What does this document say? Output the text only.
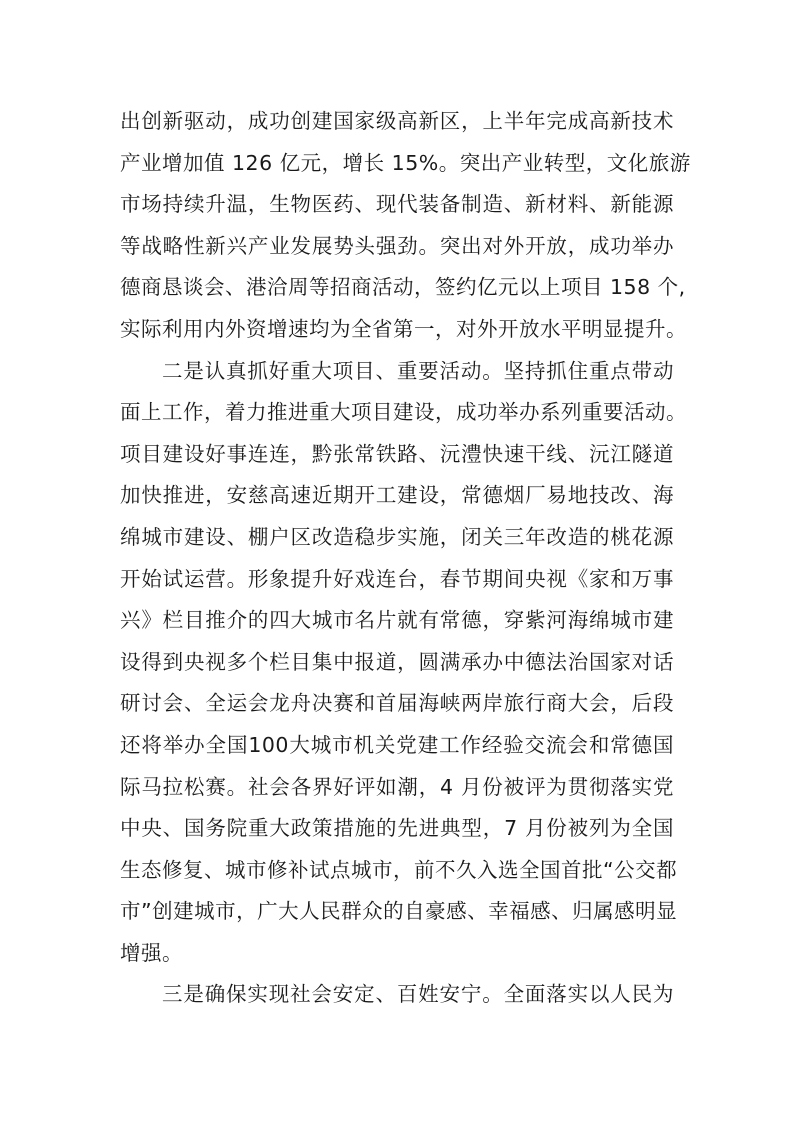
出创新驱动，成功创建国家级高新区，上半年完成高新技术
产业增加值 126 亿元，增长 15%。突出产业转型，文化旅游
市场持续升温，生物医药、现代装备制造、新材料、新能源
等战略性新兴产业发展势头强劲。突出对外开放，成功举办
德商恳谈会、港洽周等招商活动，签约亿元以上项目 158 个,
实际利用内外资增速均为全省第一，对外开放水平明显提升。
二是认真抓好重大项目、重要活动。坚持抓住重点带动
面上工作，着力推进重大项目建设，成功举办系列重要活动。
项目建设好事连连，黔张常铁路、沅澧快速干线、沅江隧道
加快推进，安慈高速近期开工建设，常德烟厂易地技改、海
绵城市建设、棚户区改造稳步实施，闭关三年改造的桃花源
开始试运营。形象提升好戏连台，春节期间央视《家和万事
兴》栏目推介的四大城市名片就有常德，穿紫河海绵城市建
设得到央视多个栏目集中报道，圆满承办中德法治国家对话
研讨会、全运会龙舟决赛和首届海峡两岸旅行商大会，后段
还将举办全国100大城市机关党建工作经验交流会和常德国
际马拉松赛。社会各界好评如潮，4 月份被评为贯彻落实党
中央、国务院重大政策措施的先进典型，7 月份被列为全国
生态修复、城市修补试点城市，前不久入选全国首批“公交都
市”创建城市，广大人民群众的自豪感、幸福感、归属感明显
增强。
三是确保实现社会安定、百姓安宁。全面落实以人民为
